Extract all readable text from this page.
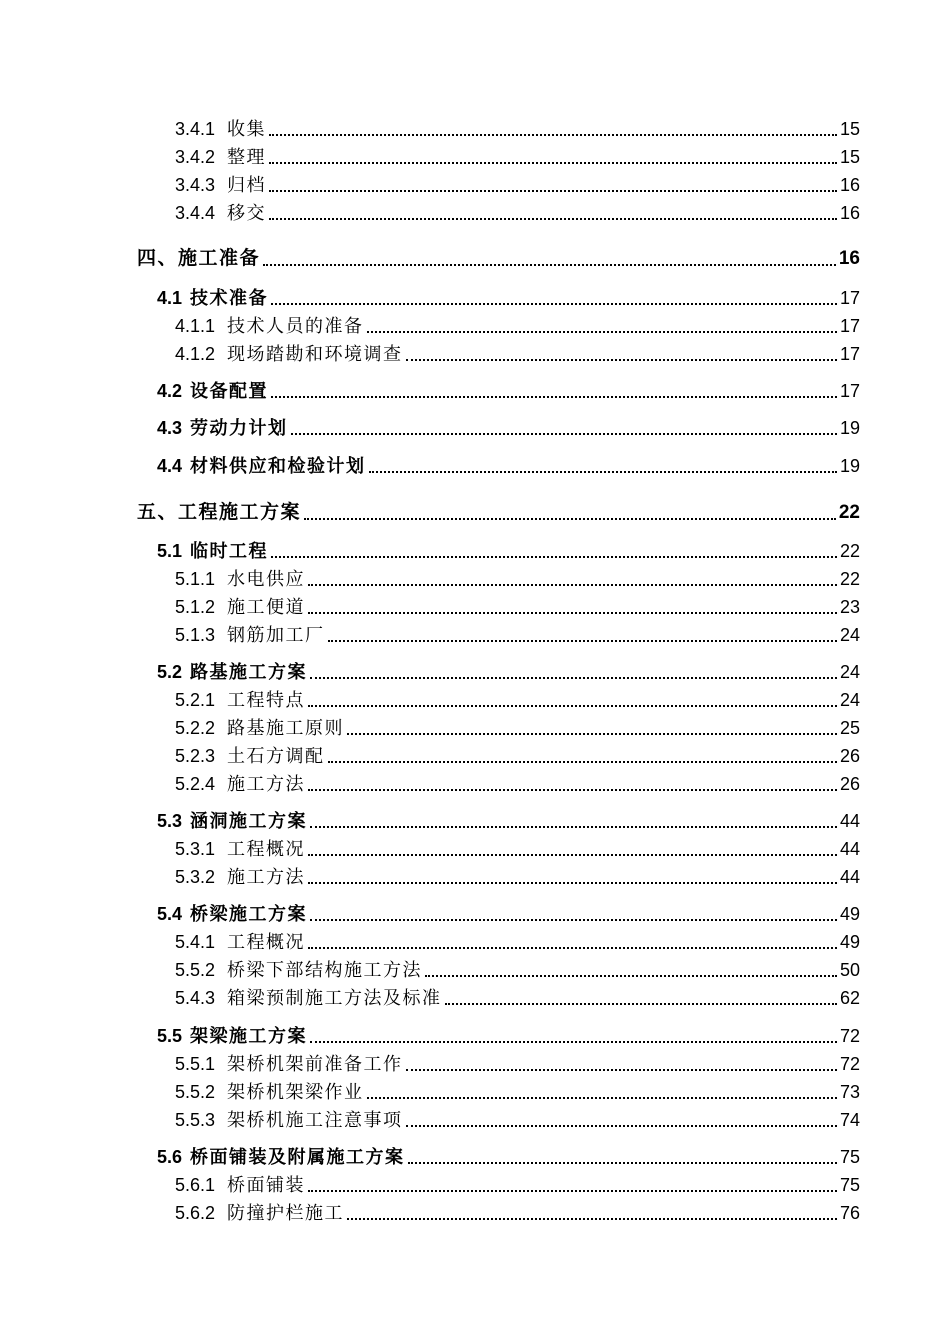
3.4.1 收集	15
3.4.2 整理	15
3.4.3 归档	16
3.4.4 移交	16
四、施工准备	16
4.1 技术准备	17
4.1.1 技术人员的准备	17
4.1.2 现场踏勘和环境调查	17
4.2 设备配置	17
4.3 劳动力计划	19
4.4 材料供应和检验计划	19
五、工程施工方案	22
5.1 临时工程	22
5.1.1 水电供应	22
5.1.2 施工便道	23
5.1.3 钢筋加工厂	24
5.2 路基施工方案	24
5.2.1 工程特点	24
5.2.2 路基施工原则	25
5.2.3 土石方调配	26
5.2.4 施工方法	26
5.3 涵洞施工方案	44
5.3.1 工程概况	44
5.3.2 施工方法	44
5.4 桥梁施工方案	49
5.4.1 工程概况	49
5.5.2 桥梁下部结构施工方法	50
5.4.3 箱梁预制施工方法及标准	62
5.5 架梁施工方案	72
5.5.1 架桥机架前准备工作	72
5.5.2 架桥机架梁作业	73
5.5.3 架桥机施工注意事项	74
5.6 桥面铺装及附属施工方案	75
5.6.1 桥面铺装	75
5.6.2 防撞护栏施工	76
